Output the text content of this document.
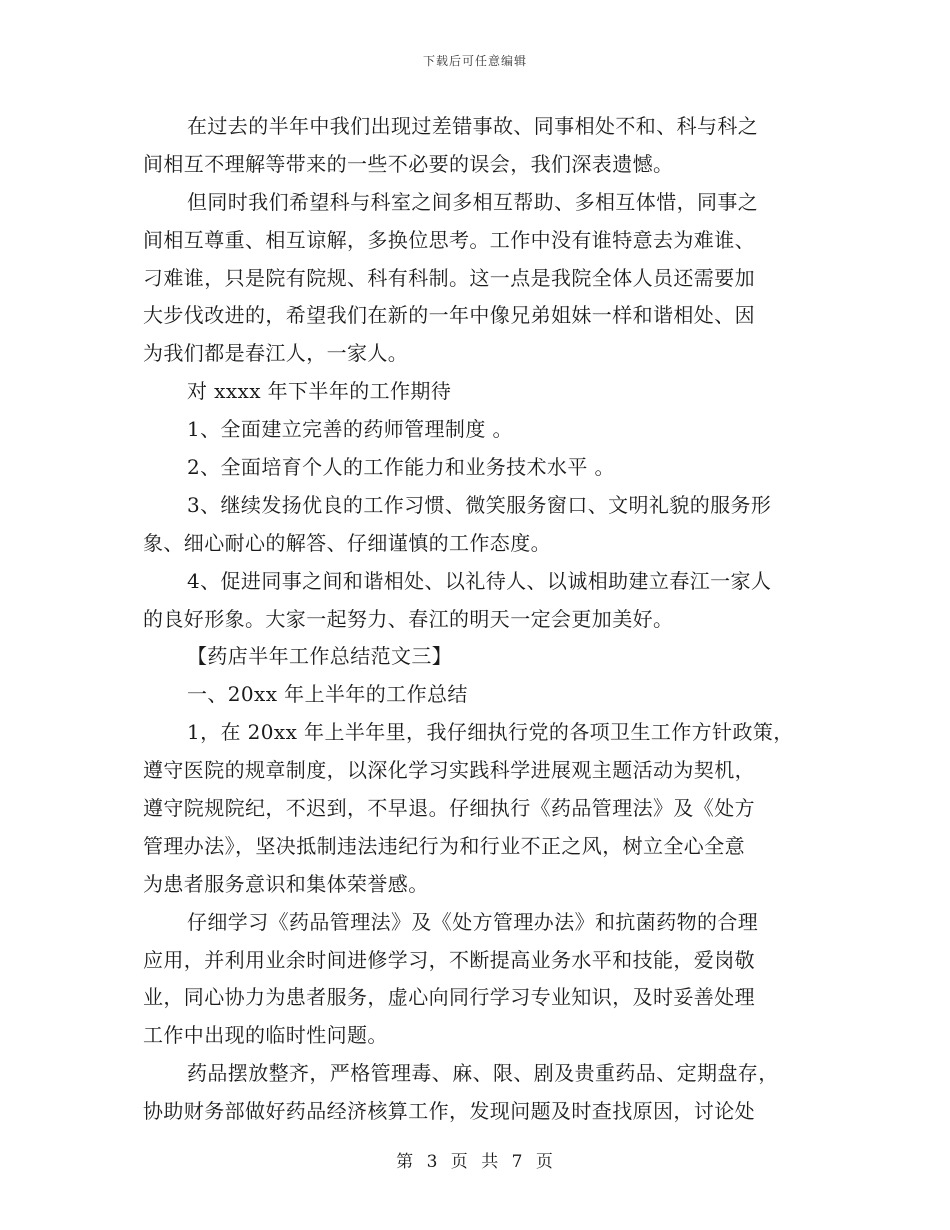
下载后可任意编辑
在过去的半年中我们出现过差错事故、同事相处不和、科与科之
间相互不理解等带来的一些不必要的误会，我们深表遗憾。
但同时我们希望科与科室之间多相互帮助、多相互体惜，同事之
间相互尊重、相互谅解，多换位思考。工作中没有谁特意去为难谁、
刁难谁，只是院有院规、科有科制。这一点是我院全体人员还需要加
大步伐改进的，希望我们在新的一年中像兄弟姐妹一样和谐相处、因
为我们都是春江人，一家人。
对 xxxx 年下半年的工作期待
1、全面建立完善的药师管理制度 。
2、全面培育个人的工作能力和业务技术水平 。
3、继续发扬优良的工作习惯、微笑服务窗口、文明礼貌的服务形
象、细心耐心的解答、仔细谨慎的工作态度。
4、促进同事之间和谐相处、以礼待人、以诚相助建立春江一家人
的良好形象。大家一起努力、春江的明天一定会更加美好。
【药店半年工作总结范文三】
一、20xx 年上半年的工作总结
1，在 20xx 年上半年里，我仔细执行党的各项卫生工作方针政策，
遵守医院的规章制度，以深化学习实践科学进展观主题活动为契机，
遵守院规院纪，不迟到，不早退。仔细执行《药品管理法》及《处方
管理办法》，坚决抵制违法违纪行为和行业不正之风，树立全心全意
为患者服务意识和集体荣誉感。
仔细学习《药品管理法》及《处方管理办法》和抗菌药物的合理
应用，并利用业余时间进修学习，不断提高业务水平和技能，爱岗敬
业，同心协力为患者服务，虚心向同行学习专业知识，及时妥善处理
工作中出现的临时性问题。
药品摆放整齐，严格管理毒、麻、限、剧及贵重药品、定期盘存，
协助财务部做好药品经济核算工作，发现问题及时查找原因，讨论处
第 3 页 共 7 页
